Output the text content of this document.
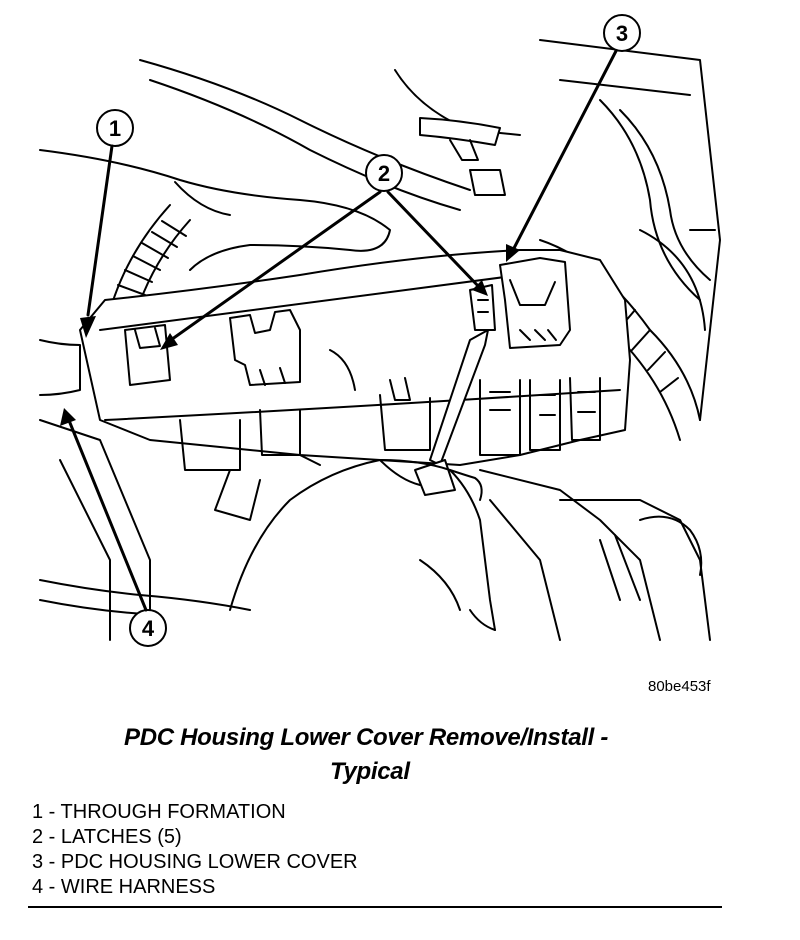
1
2
3
4
80be453f
PDC Housing Lower Cover Remove/Install -
Typical
1 - THROUGH FORMATION
2 - LATCHES (5)
3 - PDC HOUSING LOWER COVER
4 - WIRE HARNESS
